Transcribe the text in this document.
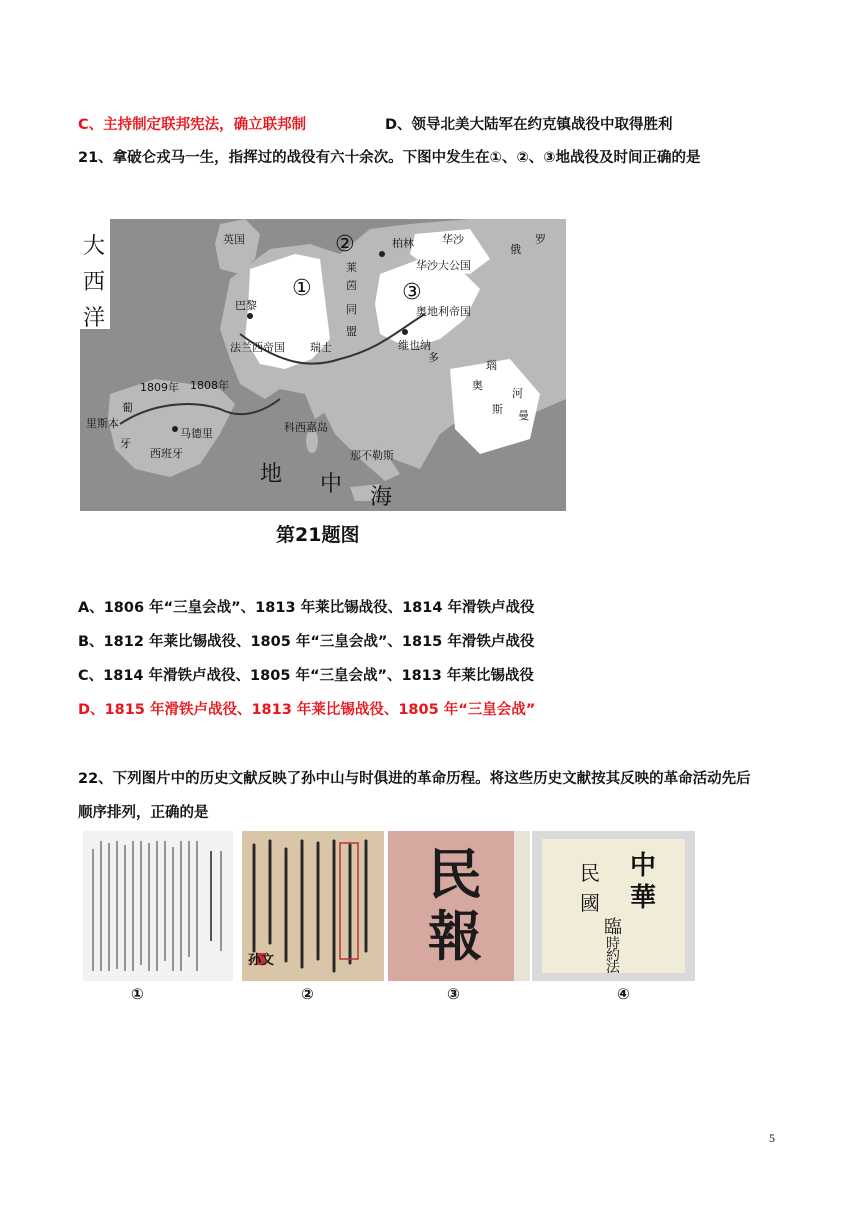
C、主持制定联邦宪法，确立联邦制	D、领导北美大陆军在约克镇战役中取得胜利
21、拿破仑戎马一生，指挥过的战役有六十余次。下图中发生在①、②、③地战役及时间正确的是
大
西
洋
英国	柏林	华沙
华沙大公国
俄
罗
①
②
③
巴黎
法兰西帝国 瑞士
莱
茵
同
盟
奥地利帝国
维也纳
多
奥
斯 曼
河
瑙
葡
牙
马德里
西班牙
里斯本
1809年 1808年
科西嘉岛
那不勒斯
地 中
海
第21题图
A、1806 年“三皇会战”、1813 年莱比锡战役、1814 年滑铁卢战役
B、1812 年莱比锡战役、1805 年“三皇会战”、1815 年滑铁卢战役
C、1814 年滑铁卢战役、1805 年“三皇会战”、1813 年莱比锡战役
D、1815 年滑铁卢战役、1813 年莱比锡战役、1805 年“三皇会战”
22、下列图片中的历史文献反映了孙中山与时俱进的革命历程。将这些历史文献按其反映的革命活动先后
顺序排列，正确的是
①
孙文
②
民報
③
中
華
民
國
臨
時
約
法
④
5
